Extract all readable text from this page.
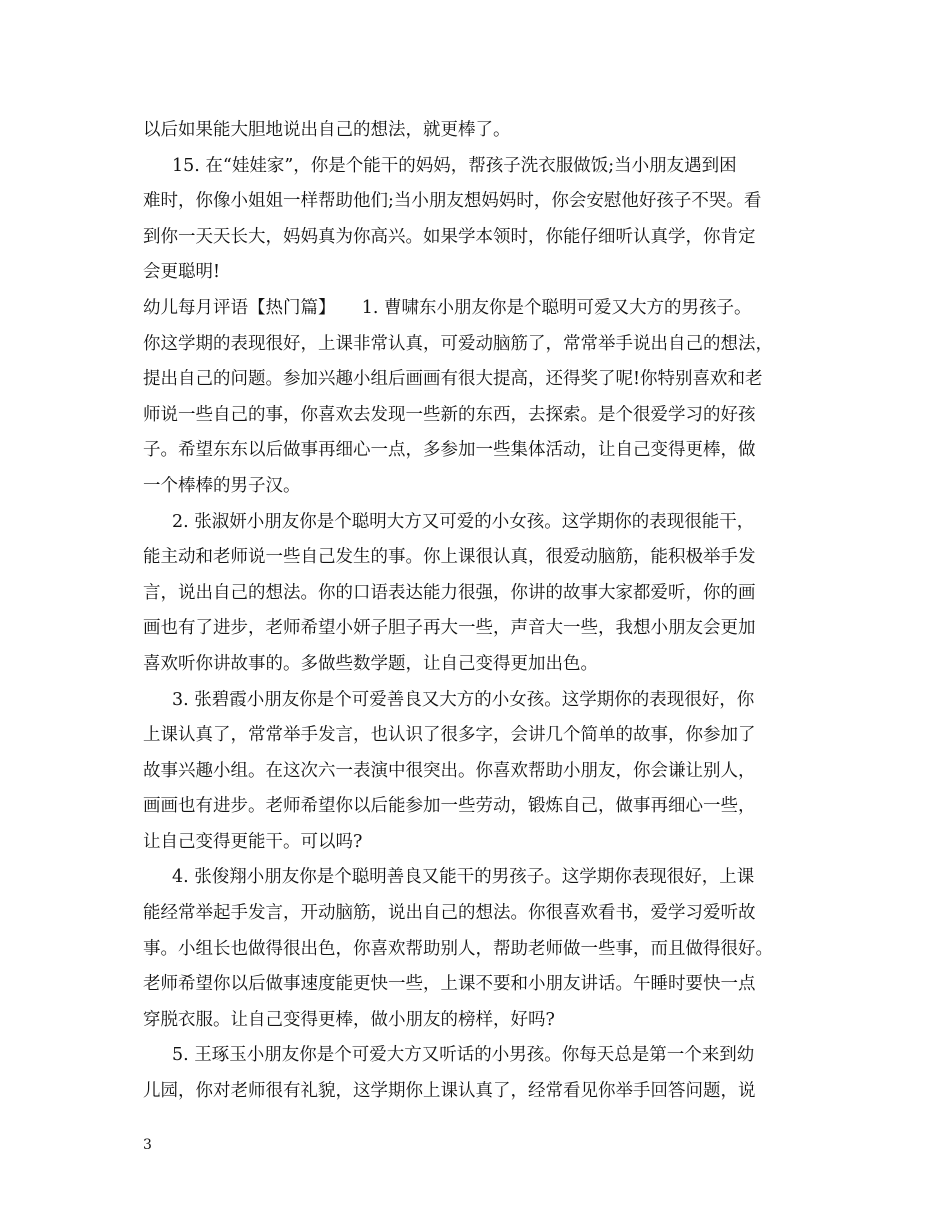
以后如果能大胆地说出自己的想法，就更棒了。
15. 在“娃娃家”，你是个能干的妈妈，帮孩子洗衣服做饭;当小朋友遇到困
难时，你像小姐姐一样帮助他们;当小朋友想妈妈时，你会安慰他好孩子不哭。看
到你一天天长大，妈妈真为你高兴。如果学本领时，你能仔细听认真学，你肯定
会更聪明!
幼儿每月评语【热门篇】　　1. 曹啸东小朋友你是个聪明可爱又大方的男孩子。
你这学期的表现很好，上课非常认真，可爱动脑筋了，常常举手说出自己的想法，
提出自己的问题。参加兴趣小组后画画有很大提高，还得奖了呢!你特别喜欢和老
师说一些自己的事，你喜欢去发现一些新的东西，去探索。是个很爱学习的好孩
子。希望东东以后做事再细心一点，多参加一些集体活动，让自己变得更棒，做
一个棒棒的男子汉。
2. 张淑妍小朋友你是个聪明大方又可爱的小女孩。这学期你的表现很能干，
能主动和老师说一些自己发生的事。你上课很认真，很爱动脑筋，能积极举手发
言，说出自己的想法。你的口语表达能力很强，你讲的故事大家都爱听，你的画
画也有了进步，老师希望小妍子胆子再大一些，声音大一些，我想小朋友会更加
喜欢听你讲故事的。多做些数学题，让自己变得更加出色。
3. 张碧霞小朋友你是个可爱善良又大方的小女孩。这学期你的表现很好，你
上课认真了，常常举手发言，也认识了很多字，会讲几个简单的故事，你参加了
故事兴趣小组。在这次六一表演中很突出。你喜欢帮助小朋友，你会谦让别人，
画画也有进步。老师希望你以后能参加一些劳动，锻炼自己，做事再细心一些，
让自己变得更能干。可以吗?
4. 张俊翔小朋友你是个聪明善良又能干的男孩子。这学期你表现很好，上课
能经常举起手发言，开动脑筋，说出自己的想法。你很喜欢看书，爱学习爱听故
事。小组长也做得很出色，你喜欢帮助别人，帮助老师做一些事，而且做得很好。
老师希望你以后做事速度能更快一些，上课不要和小朋友讲话。午睡时要快一点
穿脱衣服。让自己变得更棒，做小朋友的榜样，好吗?
5. 王琢玉小朋友你是个可爱大方又听话的小男孩。你每天总是第一个来到幼
儿园，你对老师很有礼貌，这学期你上课认真了，经常看见你举手回答问题，说
3
